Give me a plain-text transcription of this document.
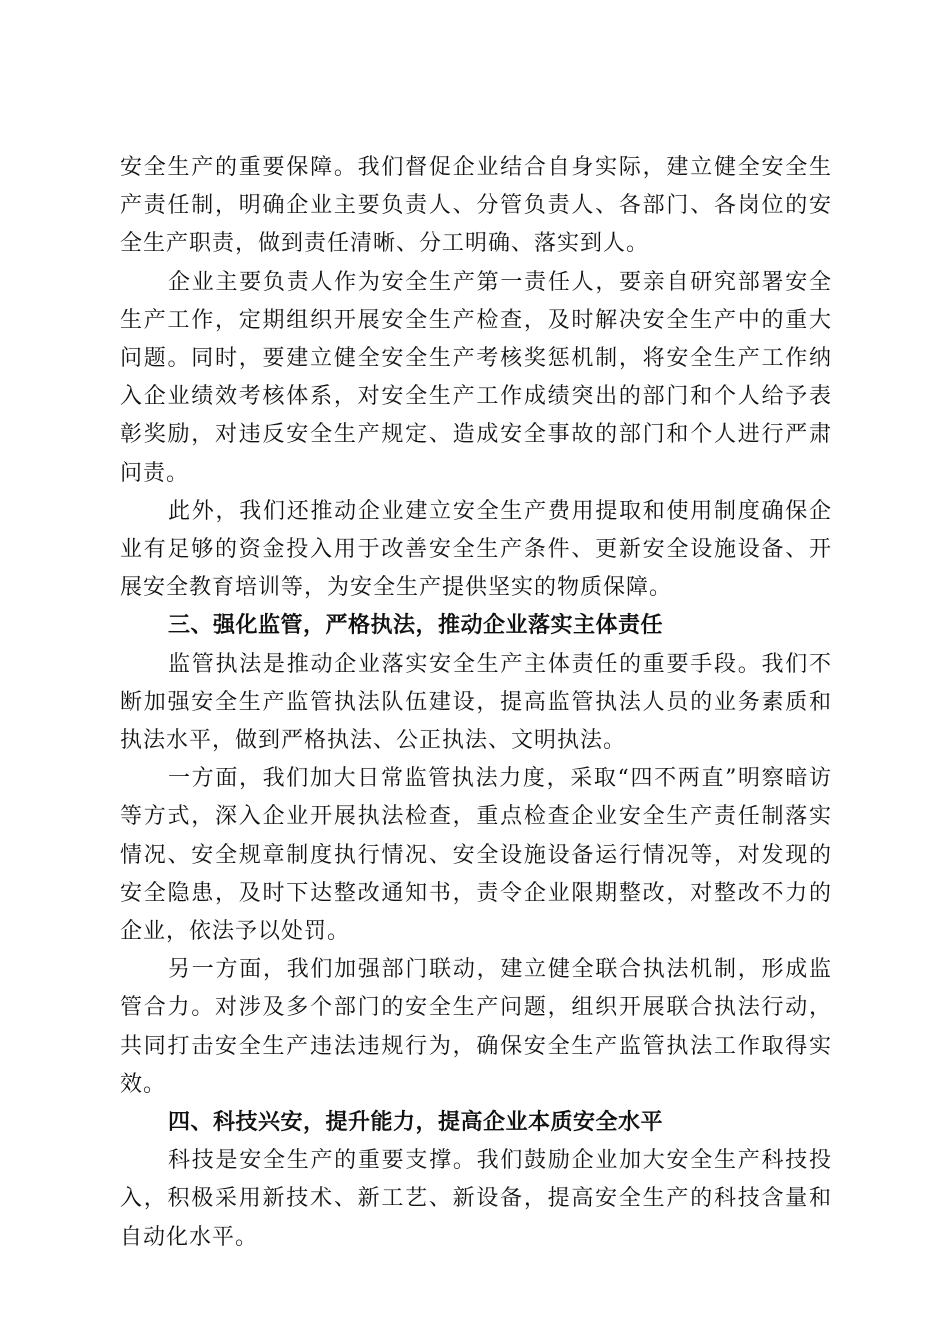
安全生产的重要保障。我们督促企业结合自身实际，建立健全安全生产责任制，明确企业主要负责人、分管负责人、各部门、各岗位的安全生产职责，做到责任清晰、分工明确、落实到人。

企业主要负责人作为安全生产第一责任人，要亲自研究部署安全生产工作，定期组织开展安全生产检查，及时解决安全生产中的重大问题。同时，要建立健全安全生产考核奖惩机制，将安全生产工作纳入企业绩效考核体系，对安全生产工作成绩突出的部门和个人给予表彰奖励，对违反安全生产规定、造成安全事故的部门和个人进行严肃问责。

此外，我们还推动企业建立安全生产费用提取和使用制度确保企业有足够的资金投入用于改善安全生产条件、更新安全设施设备、开展安全教育培训等，为安全生产提供坚实的物质保障。

三、强化监管，严格执法，推动企业落实主体责任

监管执法是推动企业落实安全生产主体责任的重要手段。我们不断加强安全生产监管执法队伍建设，提高监管执法人员的业务素质和执法水平，做到严格执法、公正执法、文明执法。

一方面，我们加大日常监管执法力度，采取“四不两直”明察暗访等方式，深入企业开展执法检查，重点检查企业安全生产责任制落实情况、安全规章制度执行情况、安全设施设备运行情况等，对发现的安全隐患，及时下达整改通知书，责令企业限期整改，对整改不力的企业，依法予以处罚。

另一方面，我们加强部门联动，建立健全联合执法机制，形成监管合力。对涉及多个部门的安全生产问题，组织开展联合执法行动，共同打击安全生产违法违规行为，确保安全生产监管执法工作取得实效。

四、科技兴安，提升能力，提高企业本质安全水平

科技是安全生产的重要支撑。我们鼓励企业加大安全生产科技投入，积极采用新技术、新工艺、新设备，提高安全生产的科技含量和自动化水平。
